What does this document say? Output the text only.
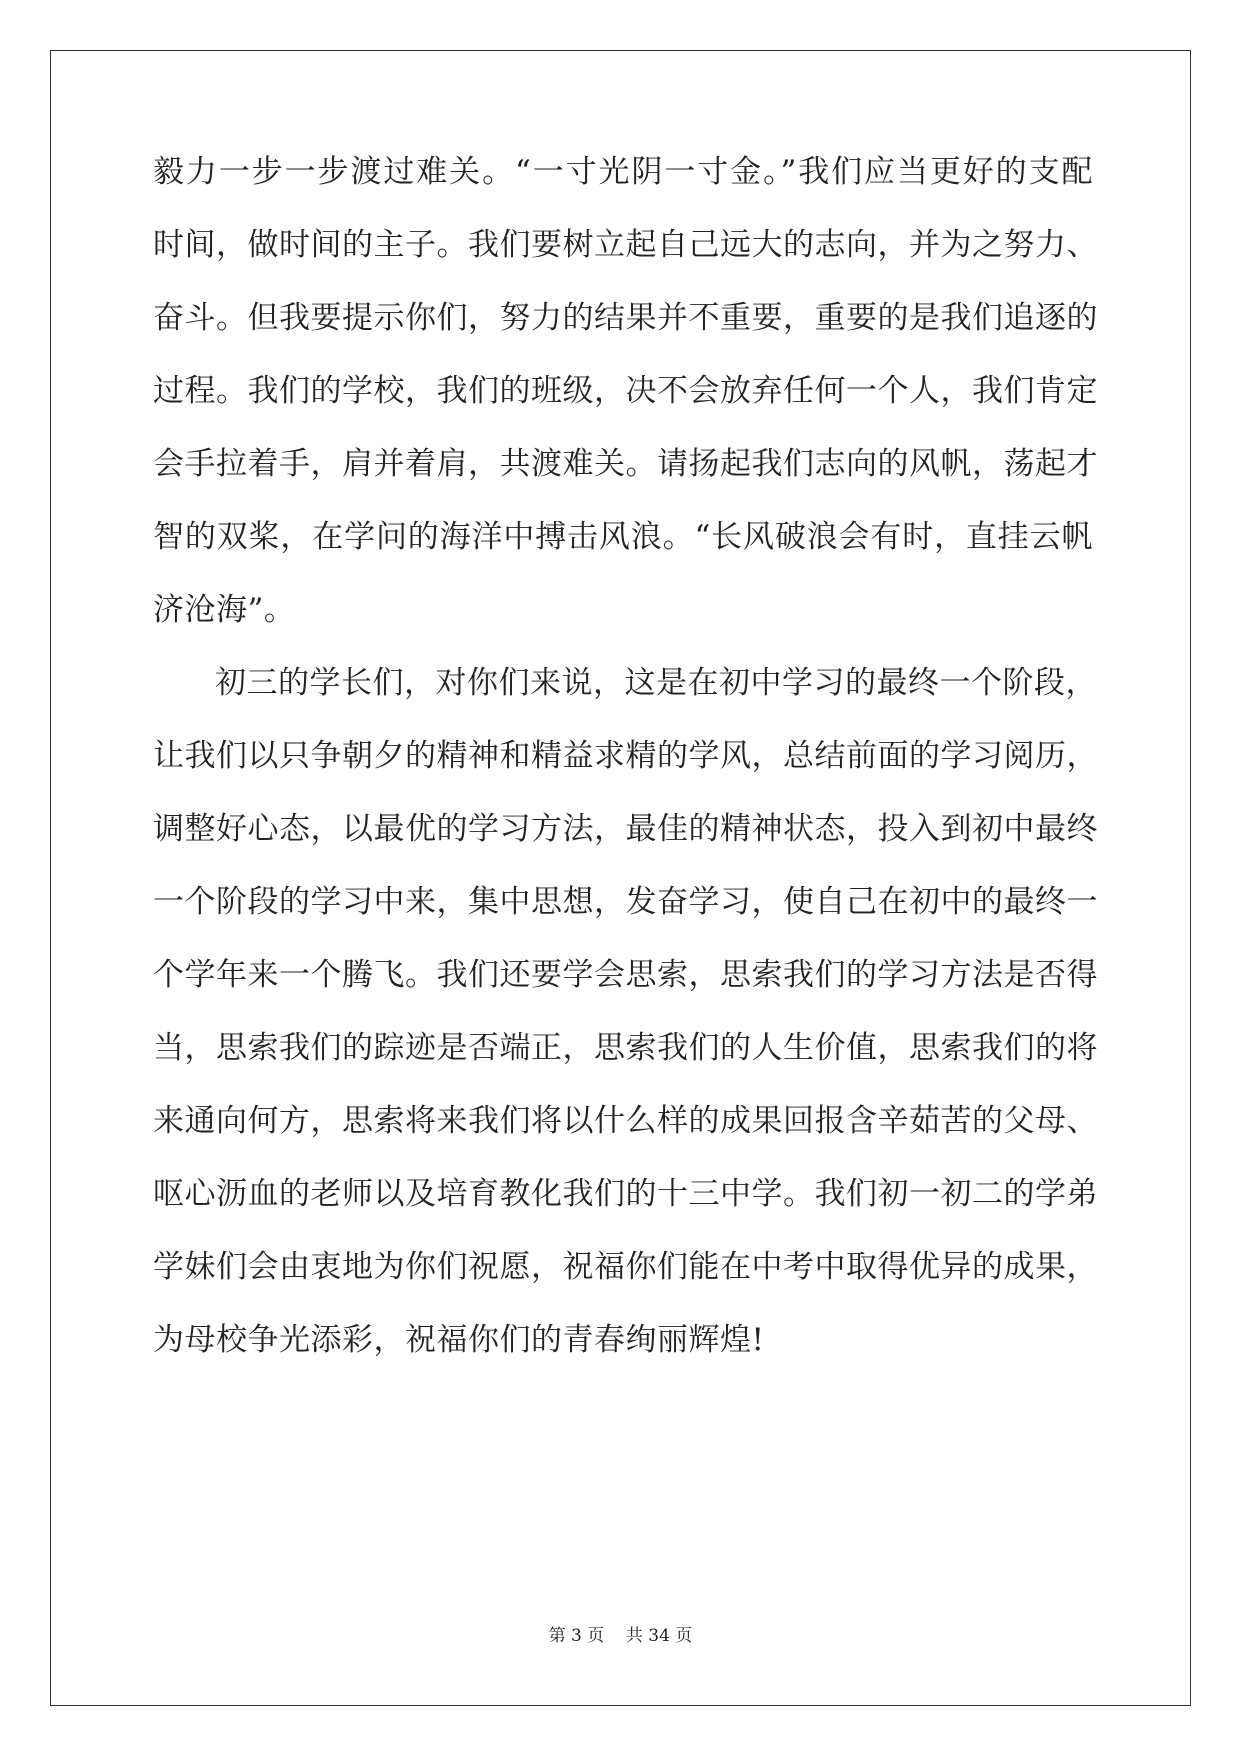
毅力一步一步渡过难关。“一寸光阴一寸金。”我们应当更好的支配
时间，做时间的主子。我们要树立起自己远大的志向，并为之努力、
奋斗。但我要提示你们，努力的结果并不重要，重要的是我们追逐的
过程。我们的学校，我们的班级，决不会放弃任何一个人，我们肯定
会手拉着手，肩并着肩，共渡难关。请扬起我们志向的风帆，荡起才
智的双桨，在学问的海洋中搏击风浪。“长风破浪会有时，直挂云帆
济沧海”。
初三的学长们，对你们来说，这是在初中学习的最终一个阶段，
让我们以只争朝夕的精神和精益求精的学风，总结前面的学习阅历，
调整好心态，以最优的学习方法，最佳的精神状态，投入到初中最终
一个阶段的学习中来，集中思想，发奋学习，使自己在初中的最终一
个学年来一个腾飞。我们还要学会思索，思索我们的学习方法是否得
当，思索我们的踪迹是否端正，思索我们的人生价值，思索我们的将
来通向何方，思索将来我们将以什么样的成果回报含辛茹苦的父母、
呕心沥血的老师以及培育教化我们的十三中学。我们初一初二的学弟
学妹们会由衷地为你们祝愿，祝福你们能在中考中取得优异的成果，
为母校争光添彩，祝福你们的青春绚丽辉煌!
第 3 页    共 34 页
